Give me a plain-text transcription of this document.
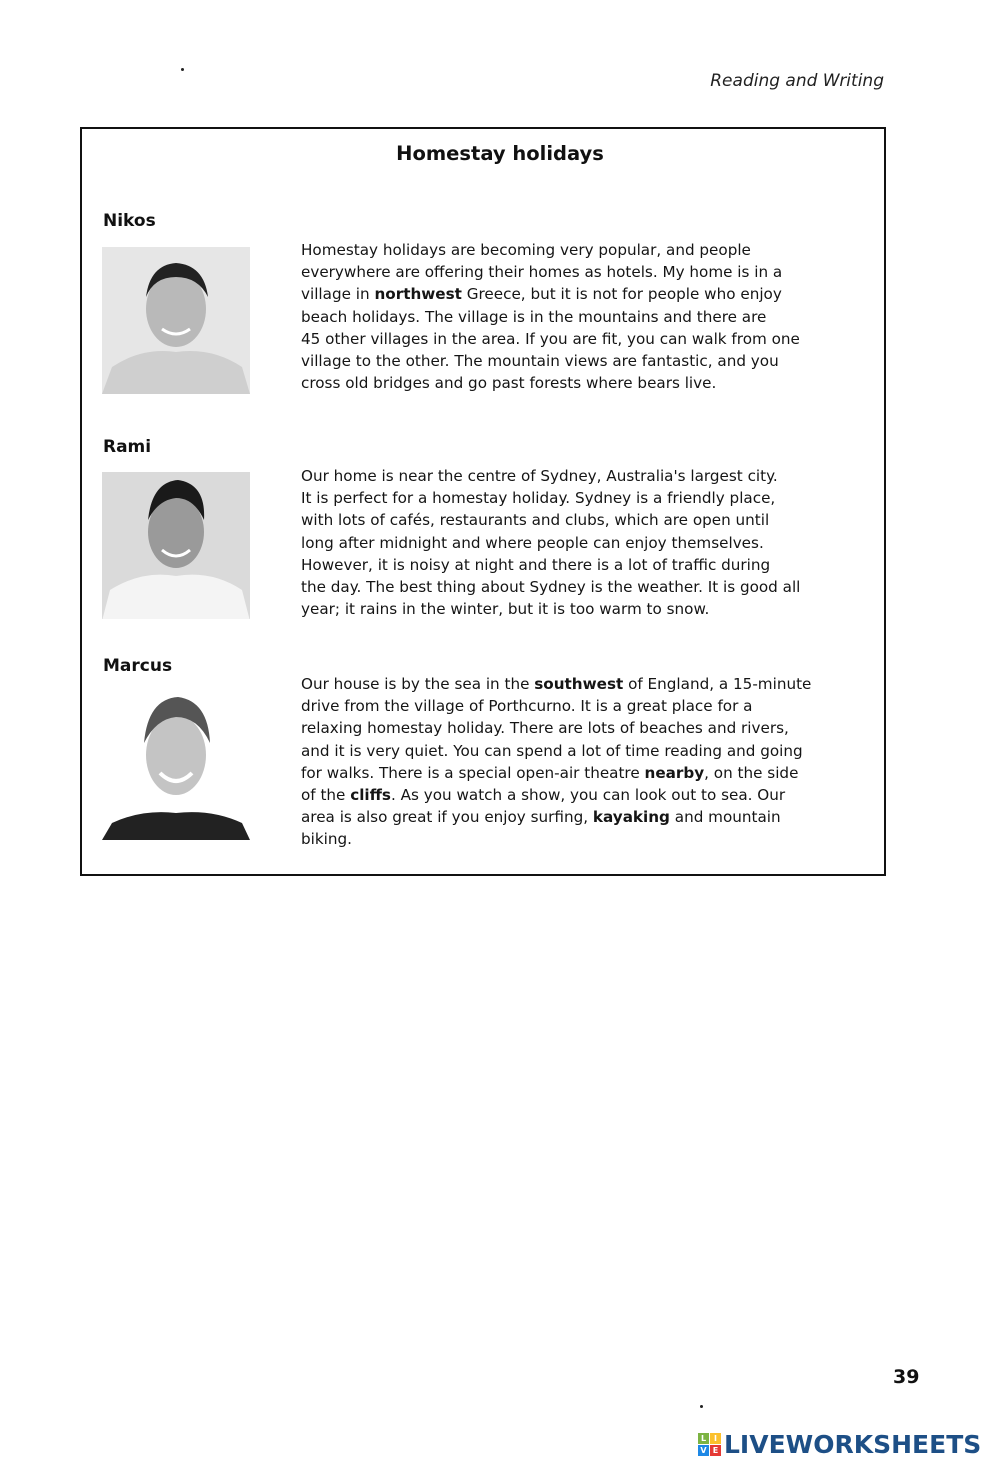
Reading and Writing
Homestay holidays
Nikos
Homestay holidays are becoming very popular, and people
everywhere are offering their homes as hotels. My home is in a
village in northwest Greece, but it is not for people who enjoy
beach holidays. The village is in the mountains and there are
45 other villages in the area. If you are fit, you can walk from one
village to the other. The mountain views are fantastic, and you
cross old bridges and go past forests where bears live.
Rami
Our home is near the centre of Sydney, Australia's largest city.
It is perfect for a homestay holiday. Sydney is a friendly place,
with lots of cafés, restaurants and clubs, which are open until
long after midnight and where people can enjoy themselves.
However, it is noisy at night and there is a lot of traffic during
the day. The best thing about Sydney is the weather. It is good all
year; it rains in the winter, but it is too warm to snow.
Marcus
Our house is by the sea in the southwest of England, a 15-minute
drive from the village of Porthcurno. It is a great place for a
relaxing homestay holiday. There are lots of beaches and rivers,
and it is very quiet. You can spend a lot of time reading and going
for walks. There is a special open-air theatre nearby, on the side
of the cliffs. As you watch a show, you can look out to sea. Our
area is also great if you enjoy surfing, kayaking and mountain
biking.
39
L I
V E LIVEWORKSHEETS
